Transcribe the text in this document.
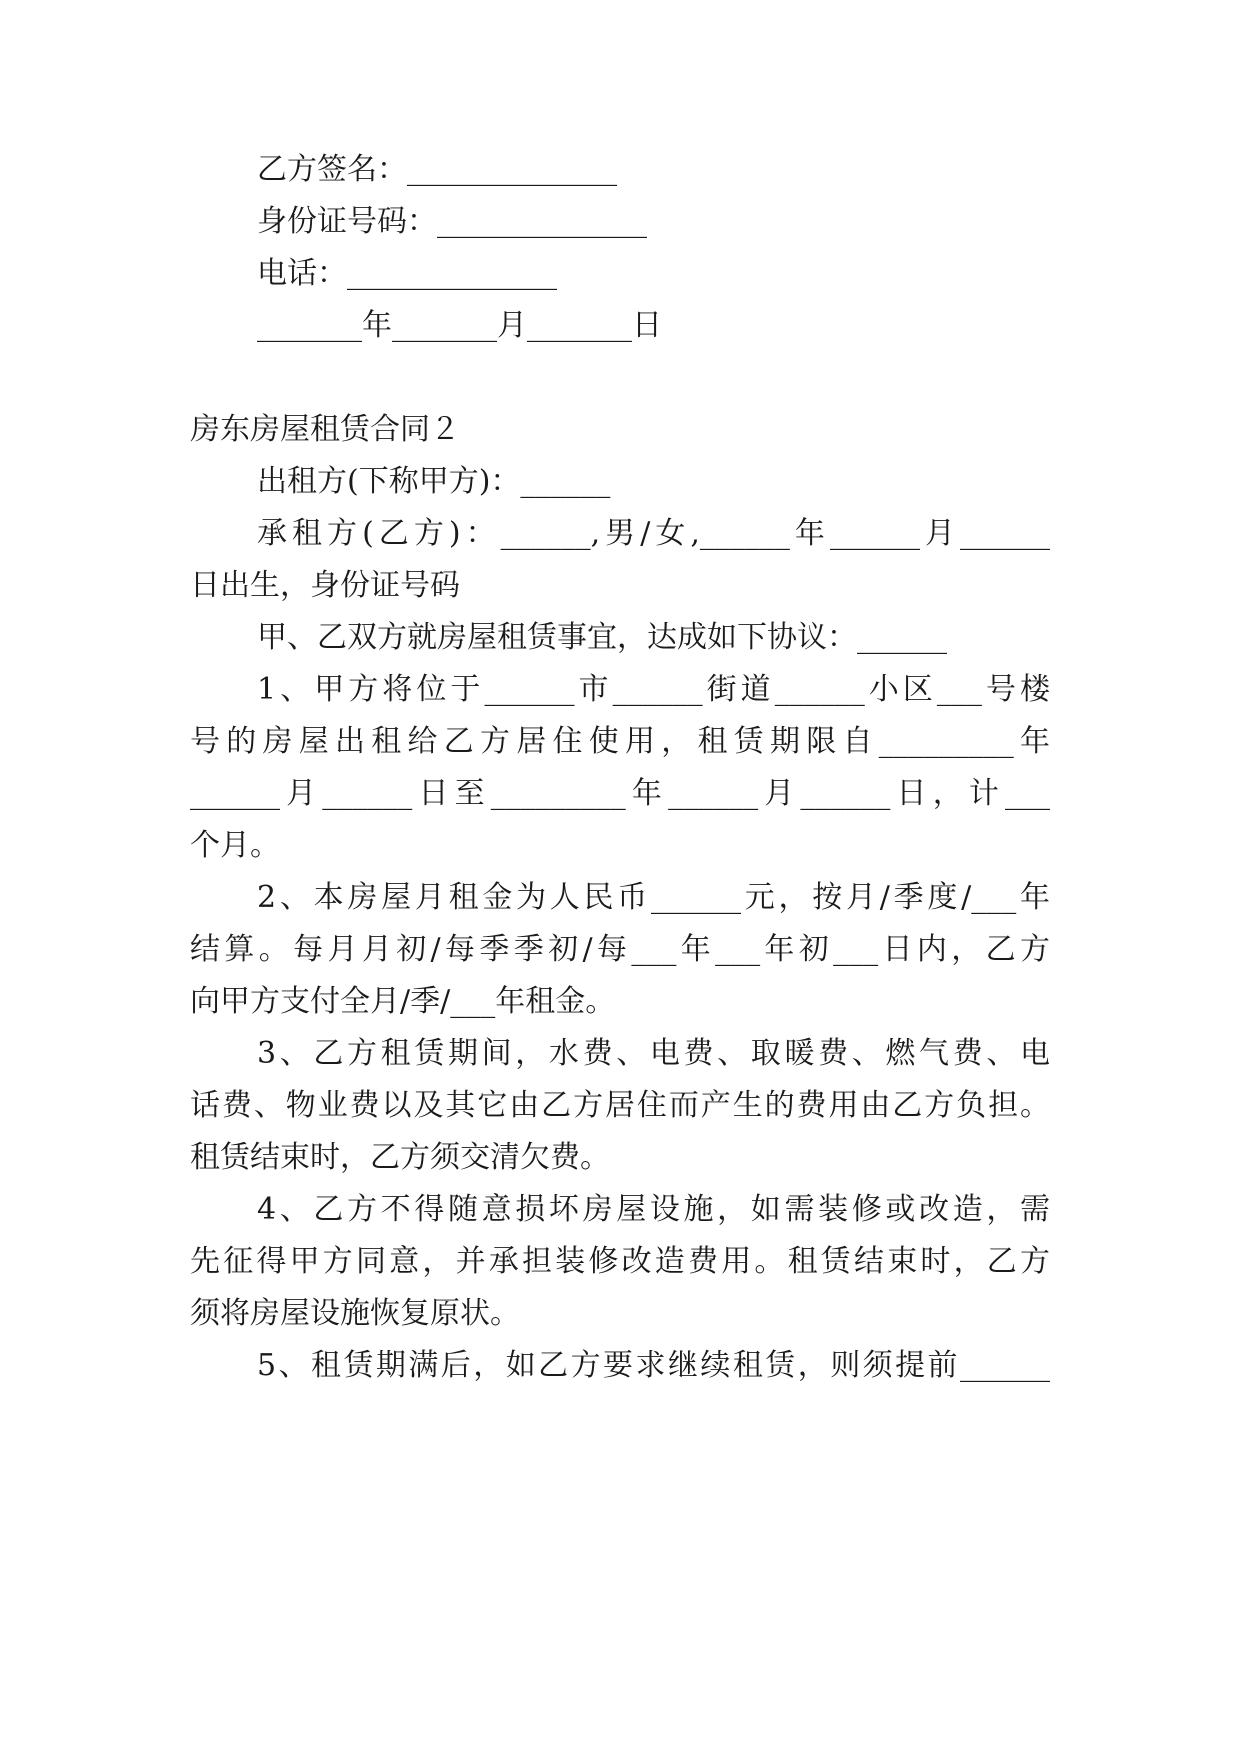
乙方签名：______________

身份证号码：______________

电话：______________

_______年_______月_______日

房东房屋租赁合同２

出租方(下称甲方)：______

承租方(乙方)：______,男/女,______年______月______

日出生，身份证号码

甲、乙双方就房屋租赁事宜，达成如下协议：______

1、甲方将位于______市______街道______小区___号楼

号的房屋出租给乙方居住使用，租赁期限自_________年

______月______日至_________年______月______日，计___

个月。

2、本房屋月租金为人民币______元，按月/季度/___年

结算。每月月初/每季季初/每___年___年初___日内，乙方

向甲方支付全月/季/___年租金。

3、乙方租赁期间，水费、电费、取暖费、燃气费、电

话费、物业费以及其它由乙方居住而产生的费用由乙方负担。

租赁结束时，乙方须交清欠费。

4、乙方不得随意损坏房屋设施，如需装修或改造，需

先征得甲方同意，并承担装修改造费用。租赁结束时，乙方

须将房屋设施恢复原状。

5、租赁期满后，如乙方要求继续租赁，则须提前______
